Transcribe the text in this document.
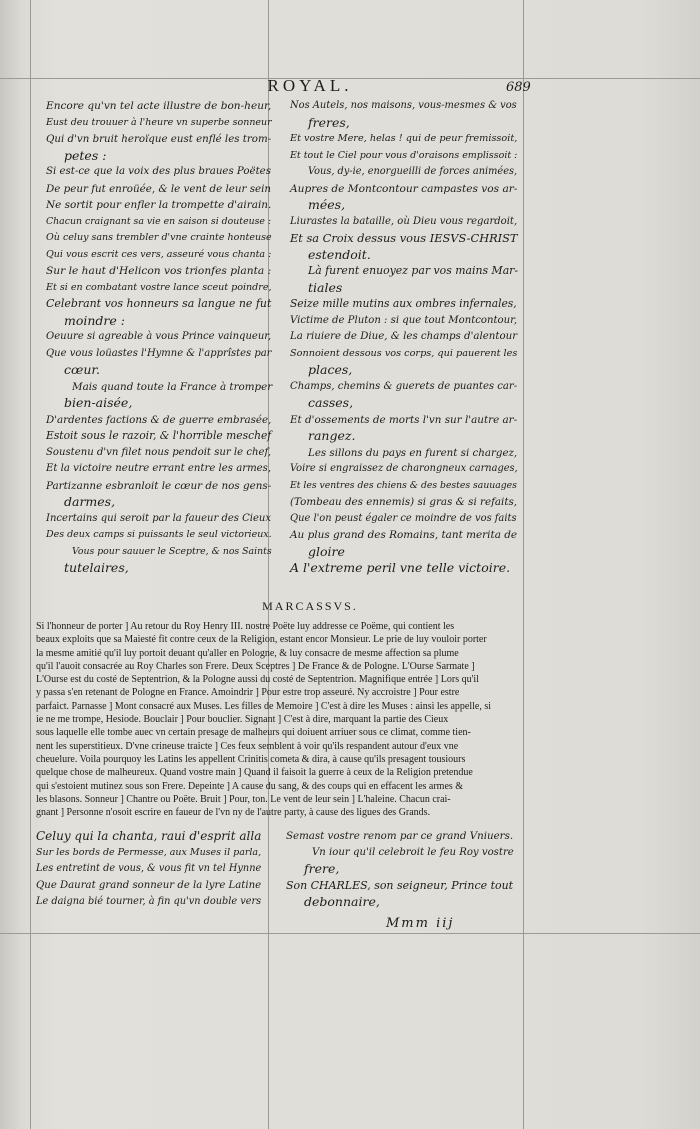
ROYAL.	689
Encore qu'vn tel acte illustre de bon-heur,
Eust deu trouuer à l'heure vn superbe sonneur
Qui d'vn bruit heroïque eust enflé les trom-
petes :
Si est-ce que la voix des plus braues Poëtes
De peur fut enroüée, & le vent de leur sein
Ne sortit pour enfler la trompette d'airain.
Chacun craignant sa vie en saison si douteuse :
Où celuy sans trembler d'vne crainte honteuse
Qui vous escrit ces vers, asseuré vous chanta :
Sur le haut d'Helicon vos trionfes planta :
Et si en combatant vostre lance sceut poindre,
Celebrant vos honneurs sa langue ne fut
moindre :
Oeuure si agreable à vous Prince vainqueur,
Que vous loüastes l'Hymne & l'apprîstes par
cœur.
Mais quand toute la France à tromper
bien-aisée,
D'ardentes factions & de guerre embrasée,
Estoit sous le razoir, & l'horrible meschef
Soustenu d'vn filet nous pendoit sur le chef,
Et la victoire neutre errant entre les armes,
Partizanne esbranloit le cœur de nos gens-
darmes,
Incertains qui seroit par la faueur des Cieux
Des deux camps si puissants le seul victorieux.
Vous pour sauuer le Sceptre, & nos Saints
tutelaires,
Nos Autels, nos maisons, vous-mesmes & vos
freres,
Et vostre Mere, helas ! qui de peur fremissoit,
Et tout le Ciel pour vous d'oraisons emplissoit :
Vous, dy-ie, enorgueilli de forces animées,
Aupres de Montcontour campastes vos ar-
mées,
Liurastes la bataille, où Dieu vous regardoit,
Et sa Croix dessus vous IESVS-CHRIST
estendoit.
Là furent enuoyez par vos mains Mar-
tiales
Seize mille mutins aux ombres infernales,
Victime de Pluton : si que tout Montcontour,
La riuiere de Diue, & les champs d'alentour
Sonnoient dessous vos corps, qui pauerent les
places,
Champs, chemins & guerets de puantes car-
casses,
Et d'ossements de morts l'vn sur l'autre ar-
rangez.
Les sillons du pays en furent si chargez,
Voire si engraissez de charongneux carnages,
Et les ventres des chiens & des bestes sauuages
(Tombeau des ennemis) si gras & si refaits,
Que l'on peust égaler ce moindre de vos faits
Au plus grand des Romains, tant merita de
gloire
A l'extreme peril vne telle victoire.
MARCASSVS.
Si l'honneur de porter ] Au retour du Roy Henry III. nostre Poëte luy addresse ce Poëme, qui contient les
beaux exploits que sa Maiesté fit contre ceux de la Religion, estant encor Monsieur. Le prie de luy vouloir porter
la mesme amitié qu'il luy portoit deuant qu'aller en Pologne, & luy consacre de mesme affection sa plume
qu'il l'auoit consacrée au Roy Charles son Frere. Deux Sceptres ] De France & de Pologne. L'Ourse Sarmate ]
L'Ourse est du costé de Septentrion, & la Pologne aussi du costé de Septentrion. Magnifique entrée ] Lors qu'il
y passa s'en retenant de Pologne en France. Amoindrir ] Pour estre trop asseuré. Ny accroistre ] Pour estre
parfaict. Parnasse ] Mont consacré aux Muses. Les filles de Memoire ] C'est à dire les Muses : ainsi les appelle, si
ie ne me trompe, Hesiode. Bouclair ] Pour bouclier. Signant ] C'est à dire, marquant la partie des Cieux
sous laquelle elle tombe auec vn certain presage de malheurs qui doiuent arriuer sous ce climat, comme tien-
nent les superstitieux. D'vne crineuse traicte ] Ces feux semblent à voir qu'ils respandent autour d'eux vne
cheuelure. Voila pourquoy les Latins les appellent Crinitis cometa & dira, à cause qu'ils presagent tousiours
quelque chose de malheureux. Quand vostre main ] Quand il faisoit la guerre à ceux de la Religion pretendue
qui s'estoient mutinez sous son Frere. Depeinte ] A cause du sang, & des coups qui en effacent les armes &
les blasons. Sonneur ] Chantre ou Poëte. Bruit ] Pour, ton. Le vent de leur sein ] L'haleine. Chacun crai-
gnant ] Personne n'osoit escrire en faueur de l'vn ny de l'autre party, à cause des ligues des Grands.
Celuy qui la chanta, raui d'esprit alla
Sur les bords de Permesse, aux Muses il parla,
Les entretint de vous, & vous fit vn tel Hynne
Que Daurat grand sonneur de la lyre Latine
Le daigna bié tourner, à fin qu'vn double vers
Semast vostre renom par ce grand Vniuers.
Vn iour qu'il celebroit le feu Roy vostre
frere,
Son CHARLES, son seigneur, Prince tout
debonnaire,
Mmm iij
